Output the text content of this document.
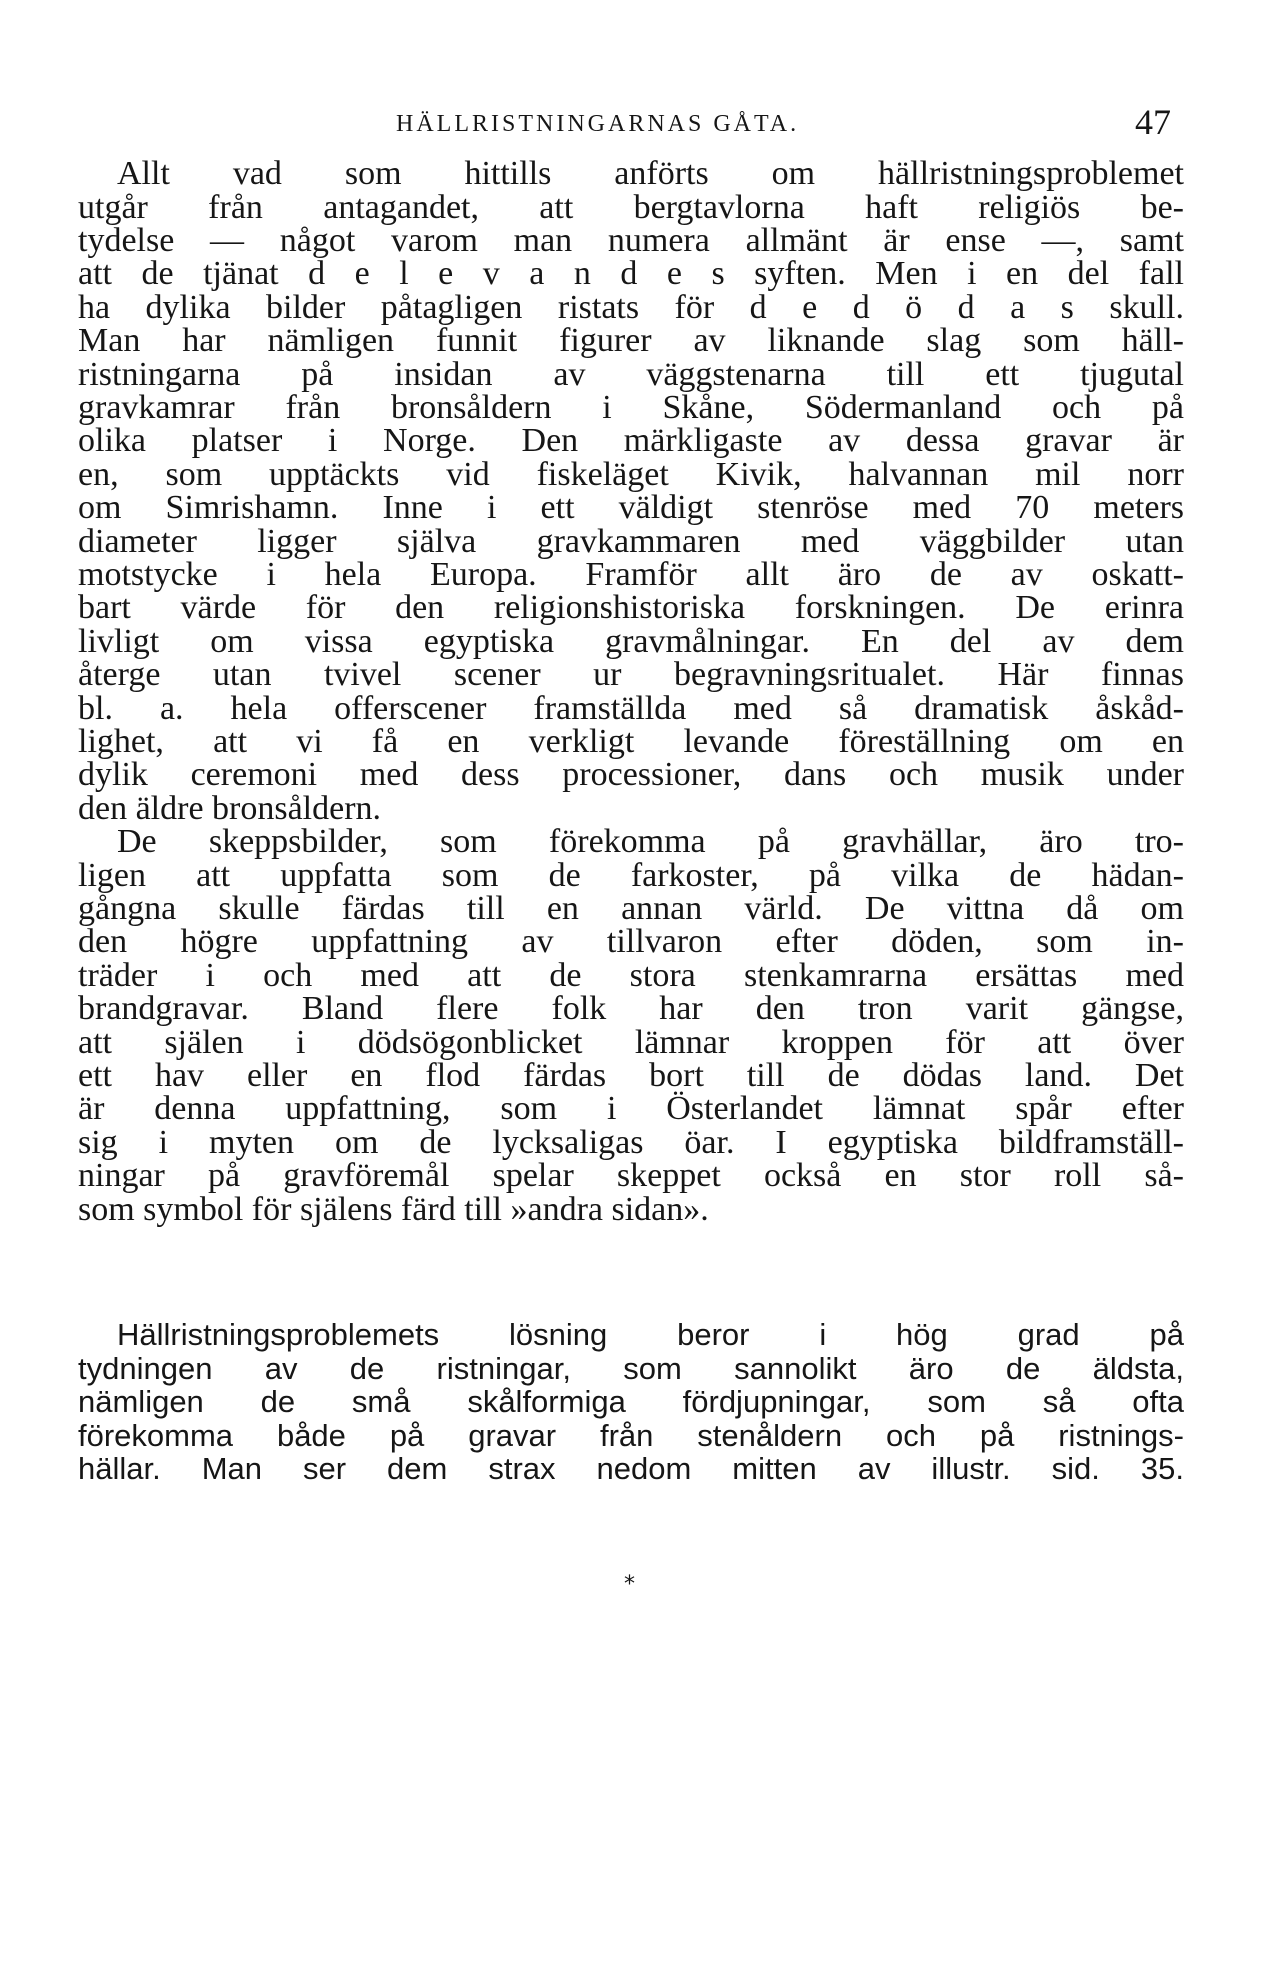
HÄLLRISTNINGARNAS GÅTA.	47
Allt vad som hittills anförts om hällristningsproblemet
utgår från antagandet, att bergtavlorna haft religiös be-
tydelse — något varom man numera allmänt är ense —, samt
att de tjänat d e l e v a n d e s syften. Men i en del fall
ha dylika bilder påtagligen ristats för d e d ö d a s skull.
Man har nämligen funnit figurer av liknande slag som häll-
ristningarna på insidan av väggstenarna till ett tjugutal
gravkamrar från bronsåldern i Skåne, Södermanland och på
olika platser i Norge. Den märkligaste av dessa gravar är
en, som upptäckts vid fiskeläget Kivik, halvannan mil norr
om Simrishamn. Inne i ett väldigt stenröse med 70 meters
diameter ligger själva gravkammaren med väggbilder utan
motstycke i hela Europa. Framför allt äro de av oskatt-
bart värde för den religionshistoriska forskningen. De erinra
livligt om vissa egyptiska gravmålningar. En del av dem
återge utan tvivel scener ur begravningsritualet. Här finnas
bl. a. hela offerscener framställda med så dramatisk åskåd-
lighet, att vi få en verkligt levande föreställning om en
dylik ceremoni med dess processioner, dans och musik under
den äldre bronsåldern.
De skeppsbilder, som förekomma på gravhällar, äro tro-
ligen att uppfatta som de farkoster, på vilka de hädan-
gångna skulle färdas till en annan värld. De vittna då om
den högre uppfattning av tillvaron efter döden, som in-
träder i och med att de stora stenkamrarna ersättas med
brandgravar. Bland flere folk har den tron varit gängse,
att själen i dödsögonblicket lämnar kroppen för att över
ett hav eller en flod färdas bort till de dödas land. Det
är denna uppfattning, som i Österlandet lämnat spår efter
sig i myten om de lycksaligas öar. I egyptiska bildframställ-
ningar på gravföremål spelar skeppet också en stor roll så-
som symbol för själens färd till »andra sidan».
*
Hällristningsproblemets lösning beror i hög grad på
tydningen av de ristningar, som sannolikt äro de äldsta,
nämligen de små skålformiga fördjupningar, som så ofta
förekomma både på gravar från stenåldern och på ristnings-
hällar. Man ser dem strax nedom mitten av illustr. sid. 35.
